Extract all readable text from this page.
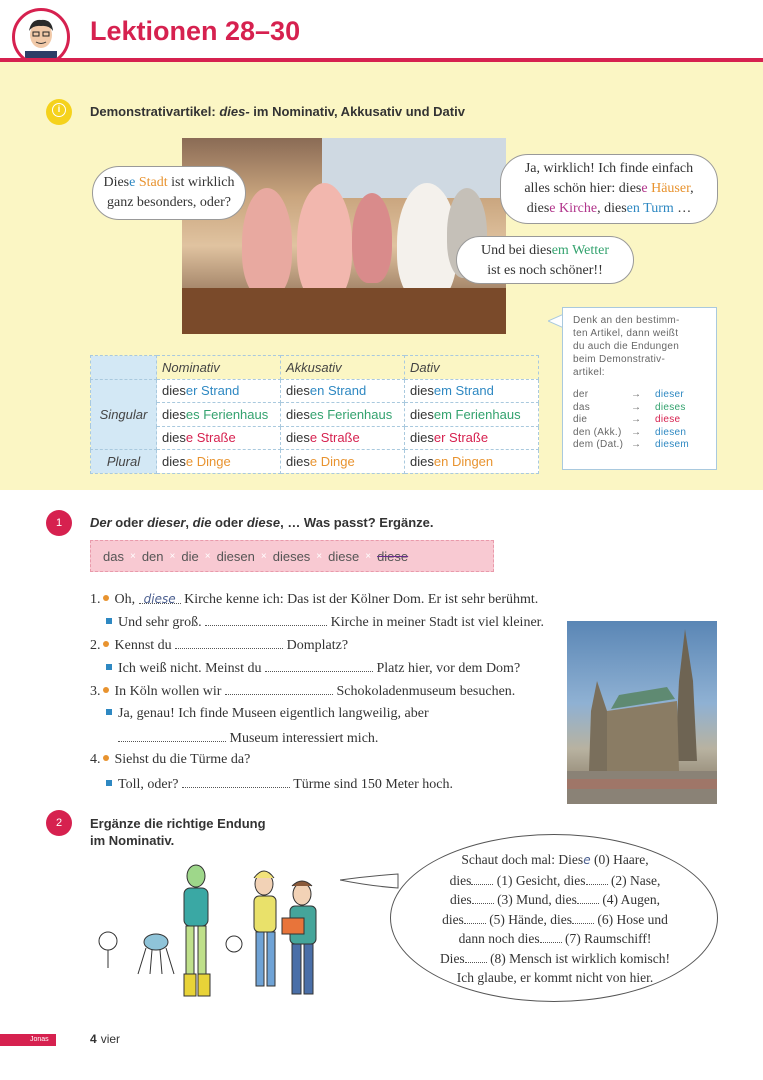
Lektionen 28–30
i	Demonstrativartikel: dies- im Nominativ, Akkusativ und Dativ
Diese Stadt ist wirklich
ganz besonders, oder?
Ja, wirklich! Ich finde einfach
alles schön hier: diese Häuser,
diese Kirche, diesen Turm …
Und bei diesem Wetter
ist es noch schöner!!
	Nominativ	Akkusativ	Dativ
Singular	dieser Strand	diesen Strand	diesem Strand
	dieses Ferienhaus	dieses Ferienhaus	diesem Ferienhaus
	diese Straße	diese Straße	dieser Straße
Plural	diese Dinge	diese Dinge	diesen Dingen
Denk an den bestimm-
ten Artikel, dann weißt
du auch die Endungen
beim Demonstrativ-
artikel:
der	→	dieser
das	→	dieses
die	→	diese
den (Akk.) →	diesen
dem (Dat.) →	diesem
1	Der oder dieser, die oder diese, … Was passt? Ergänze.
das × den × die × diesen × dieses × diese × diese
1. Oh, diese Kirche kenne ich: Das ist der Kölner Dom. Er ist sehr berühmt.
Und sehr groß.	Kirche in meiner Stadt ist viel kleiner.
2. Kennst du	Domplatz?
Ich weiß nicht. Meinst du	Platz hier, vor dem Dom?
3. In Köln wollen wir	Schokoladenmuseum besuchen.
Ja, genau! Ich finde Museen eigentlich langweilig, aber
Museum interessiert mich.
4. Siehst du die Türme da?
Toll, oder?	Türme sind 150 Meter hoch.
2	Ergänze die richtige Endung
im Nominativ.
Schaut doch mal: Diese (0) Haare,
dies (1) Gesicht, dies (2) Nase,
dies (3) Mund, dies (4) Augen,
dies (5) Hände, dies (6) Hose und
dann noch dies (7) Raumschiff!
Dies (8) Mensch ist wirklich komisch!
Ich glaube, er kommt nicht von hier.
Jonas	4 vier
